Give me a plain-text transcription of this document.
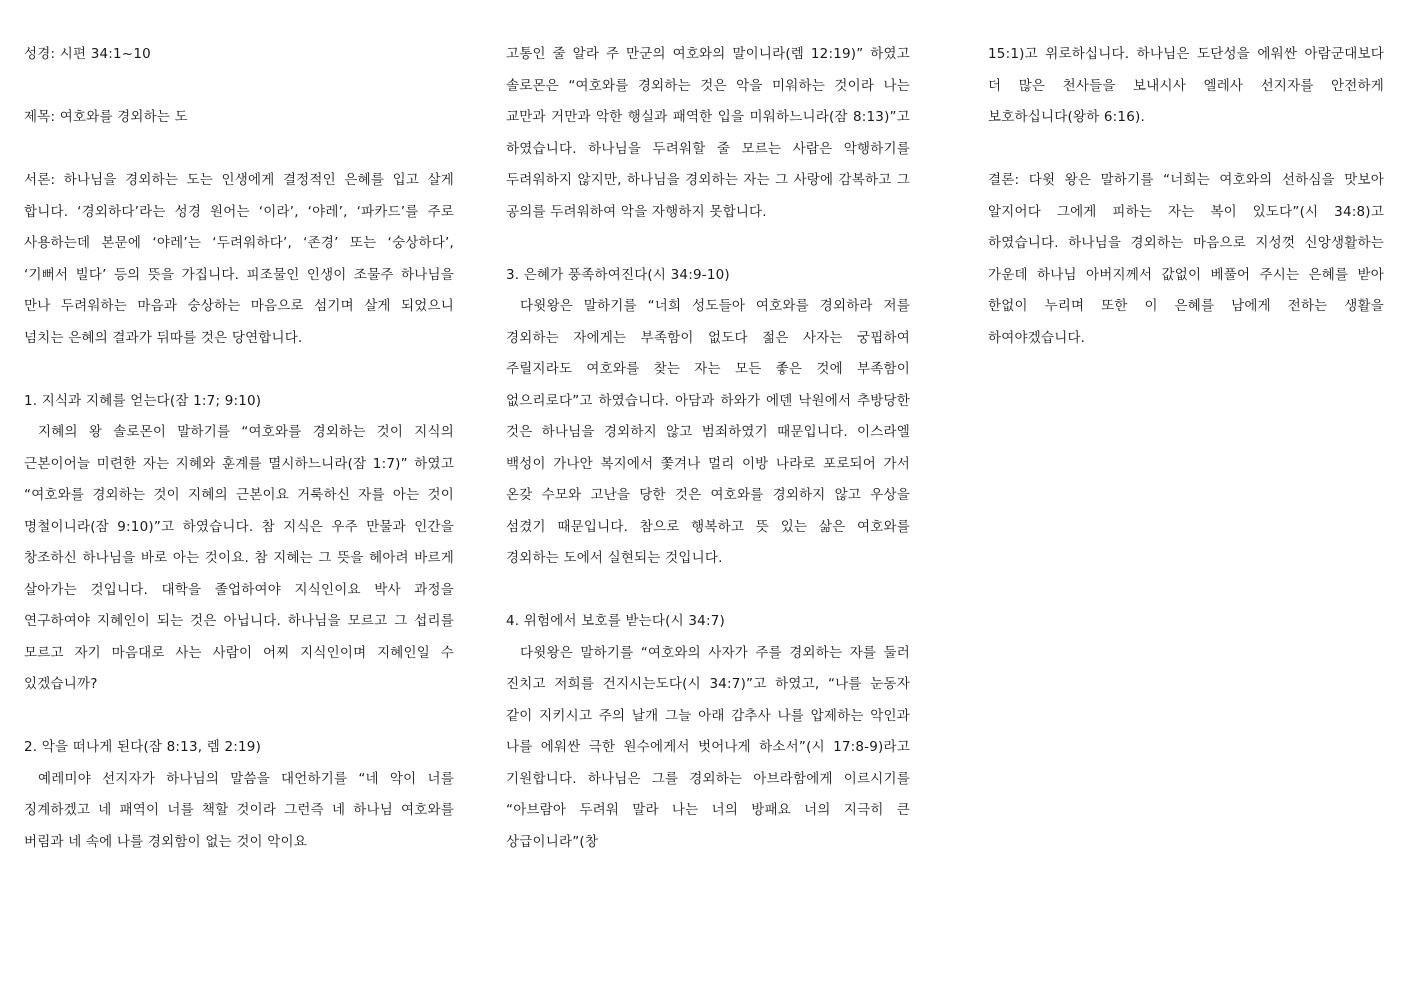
성경: 시편 34:1~10

제목: 여호와를 경외하는 도

서론: 하나님을 경외하는 도는 인생에게 결정적인 은혜를 입고 살게 합니다. ‘경외하다’라는 성경 원어는 ‘이라’, ‘야레’, ‘파카드’를 주로 사용하는데 본문에 ‘야레’는 ‘두려워하다’, ‘존경’ 또는 ‘숭상하다’, ‘기뻐서 빌다’ 등의 뜻을 가집니다. 피조물인 인생이 조물주 하나님을 만나 두려워하는 마음과 숭상하는 마음으로 섬기며 살게 되었으니 넘치는 은혜의 결과가 뒤따를 것은 당연합니다.

1. 지식과 지혜를 얻는다(잠 1:7; 9:10)

지혜의 왕 솔로몬이 말하기를 “여호와를 경외하는 것이 지식의 근본이어늘 미련한 자는 지혜와 훈계를 멸시하느니라(잠 1:7)” 하였고 “여호와를 경외하는 것이 지혜의 근본이요 거룩하신 자를 아는 것이 명철이니라(잠 9:10)”고 하였습니다. 참 지식은 우주 만물과 인간을 창조하신 하나님을 바로 아는 것이요. 참 지혜는 그 뜻을 헤아려 바르게 살아가는 것입니다. 대학을 졸업하여야 지식인이요 박사 과정을 연구하여야 지혜인이 되는 것은 아닙니다. 하나님을 모르고 그 섭리를 모르고 자기 마음대로 사는 사람이 어찌 지식인이며 지혜인일 수 있겠습니까?

2. 악을 떠나게 된다(잠 8:13, 렘 2:19)

예레미야 선지자가 하나님의 말씀을 대언하기를 “네 악이 너를 징계하겠고 네 패역이 너를 책할 것이라 그런즉 네 하나님 여호와를 버림과 네 속에 나를 경외함이 없는 것이 악이요

고통인 줄 알라 주 만군의 여호와의 말이니라(렘 12:19)” 하였고 솔로몬은 “여호와를 경외하는 것은 악을 미워하는 것이라 나는 교만과 거만과 악한 행실과 패역한 입을 미워하느니라(잠 8:13)”고 하였습니다. 하나님을 두려워할 줄 모르는 사람은 악행하기를 두려워하지 않지만, 하나님을 경외하는 자는 그 사랑에 감복하고 그 공의를 두려워하여 악을 자행하지 못합니다.

3. 은혜가 풍족하여진다(시 34:9-10)

다윗왕은 말하기를 “너희 성도들아 여호와를 경외하라 저를 경외하는 자에게는 부족함이 없도다 젊은 사자는 궁핍하여 주릴지라도 여호와를 찾는 자는 모든 좋은 것에 부족함이 없으리로다”고 하였습니다. 아담과 하와가 에덴 낙원에서 추방당한 것은 하나님을 경외하지 않고 범죄하였기 때문입니다. 이스라엘 백성이 가나안 복지에서 쫓겨나 멀리 이방 나라로 포로되어 가서 온갖 수모와 고난을 당한 것은 여호와를 경외하지 않고 우상을 섬겼기 때문입니다. 참으로 행복하고 뜻 있는 삶은 여호와를 경외하는 도에서 실현되는 것입니다.

4. 위험에서 보호를 받는다(시 34:7)

다윗왕은 말하기를 “여호와의 사자가 주를 경외하는 자를 둘러 진치고 저희를 건지시는도다(시 34:7)”고 하였고, “나를 눈동자 같이 지키시고 주의 날개 그늘 아래 감추사 나를 압제하는 악인과 나를 에워싼 극한 원수에게서 벗어나게 하소서”(시 17:8-9)라고 기원합니다. 하나님은 그를 경외하는 아브라함에게 이르시기를 “아브람아 두려워 말라 나는 너의 방패요 너의 지극히 큰 상급이니라”(창

15:1)고 위로하십니다. 하나님은 도단성을 에워싼 아람군대보다 더 많은 천사들을 보내시사 엘레사 선지자를 안전하게 보호하십니다(왕하 6:16).

결론: 다윗 왕은 말하기를 “너희는 여호와의 선하심을 맛보아 알지어다 그에게 피하는 자는 복이 있도다”(시 34:8)고 하였습니다. 하나님을 경외하는 마음으로 지성껏 신앙생활하는 가운데 하나님 아버지께서 값없이 베풀어 주시는 은혜를 받아 한없이 누리며 또한 이 은혜를 남에게 전하는 생활을 하여야겠습니다.
